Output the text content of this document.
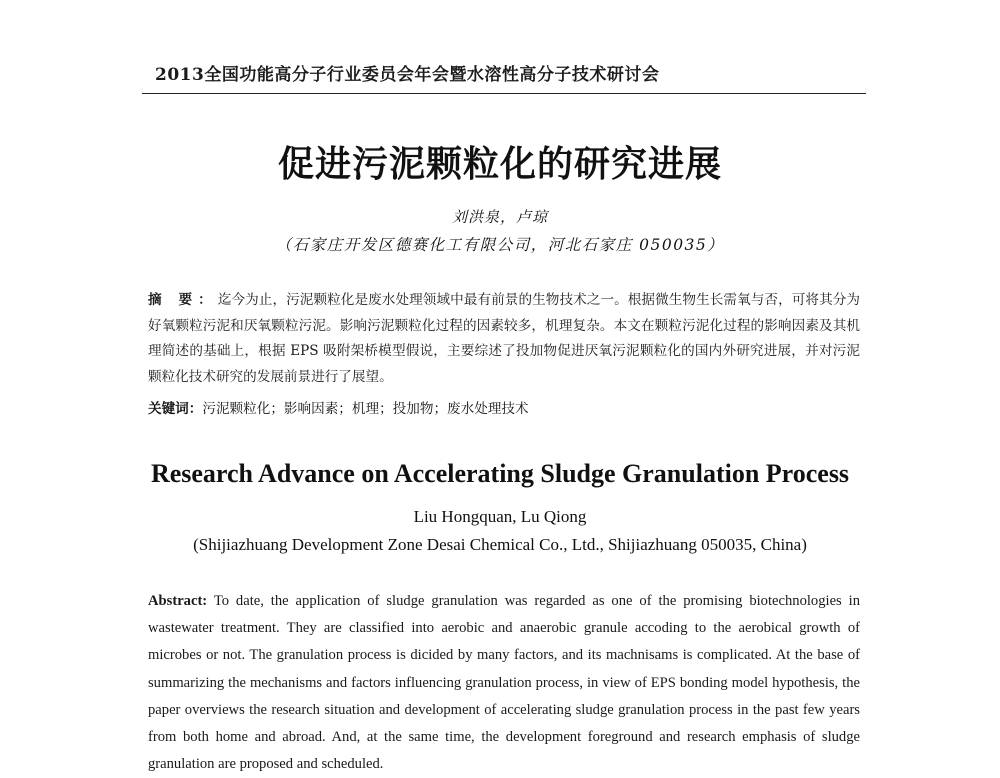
2013全国功能高分子行业委员会年会暨水溶性高分子技术研讨会
促进污泥颗粒化的研究进展
刘洪泉，卢琼
（石家庄开发区德赛化工有限公司，河北石家庄 050035）
摘 要：迄今为止，污泥颗粒化是废水处理领域中最有前景的生物技术之一。根据微生物生长需氧与否，可将其分为好氧颗粒污泥和厌氧颗粒污泥。影响污泥颗粒化过程的因素较多，机理复杂。本文在颗粒污泥化过程的影响因素及其机理简述的基础上，根据 EPS 吸附架桥模型假说，主要综述了投加物促进厌氧污泥颗粒化的国内外研究进展，并对污泥颗粒化技术研究的发展前景进行了展望。
关键词：污泥颗粒化；影响因素；机理；投加物；废水处理技术
Research Advance on Accelerating Sludge Granulation Process
Liu Hongquan, Lu Qiong
(Shijiazhuang Development Zone Desai Chemical Co., Ltd., Shijiazhuang 050035, China)
Abstract: To date, the application of sludge granulation was regarded as one of the promising biotechnologies in wastewater treatment. They are classified into aerobic and anaerobic granule accoding to the aerobical growth of microbes or not. The granulation process is dicided by many factors, and its machnisams is complicated. At the base of summarizing the mechanisms and factors influencing granulation process, in view of EPS bonding model hypothesis, the paper overviews the research situation and development of accelerating sludge granulation process in the past few years from both home and abroad. And, at the same time, the development foreground and research emphasis of sludge granulation are proposed and scheduled.
